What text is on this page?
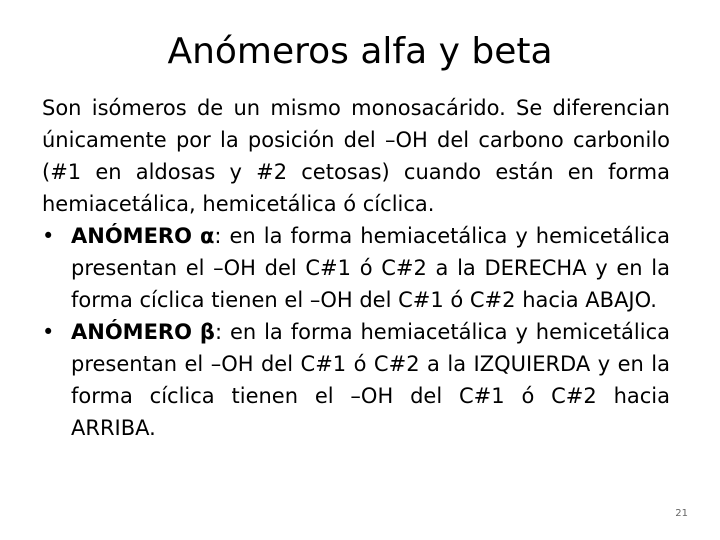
Anómeros alfa y beta

Son isómeros de un mismo monosacárido. Se diferencian únicamente por la posición del –OH del carbono carbonilo (#1 en aldosas y #2 cetosas) cuando están en forma hemiacetálica, hemicetálica ó cíclica.

• ANÓMERO α: en la forma hemiacetálica y hemicetálica presentan el –OH del C#1 ó C#2 a la DERECHA y en la forma cíclica tienen el –OH del C#1 ó C#2 hacia ABAJO.
• ANÓMERO β: en la forma hemiacetálica y hemicetálica presentan el –OH del C#1 ó C#2 a la IZQUIERDA y en la forma cíclica tienen el –OH del C#1 ó C#2 hacia ARRIBA.
21
